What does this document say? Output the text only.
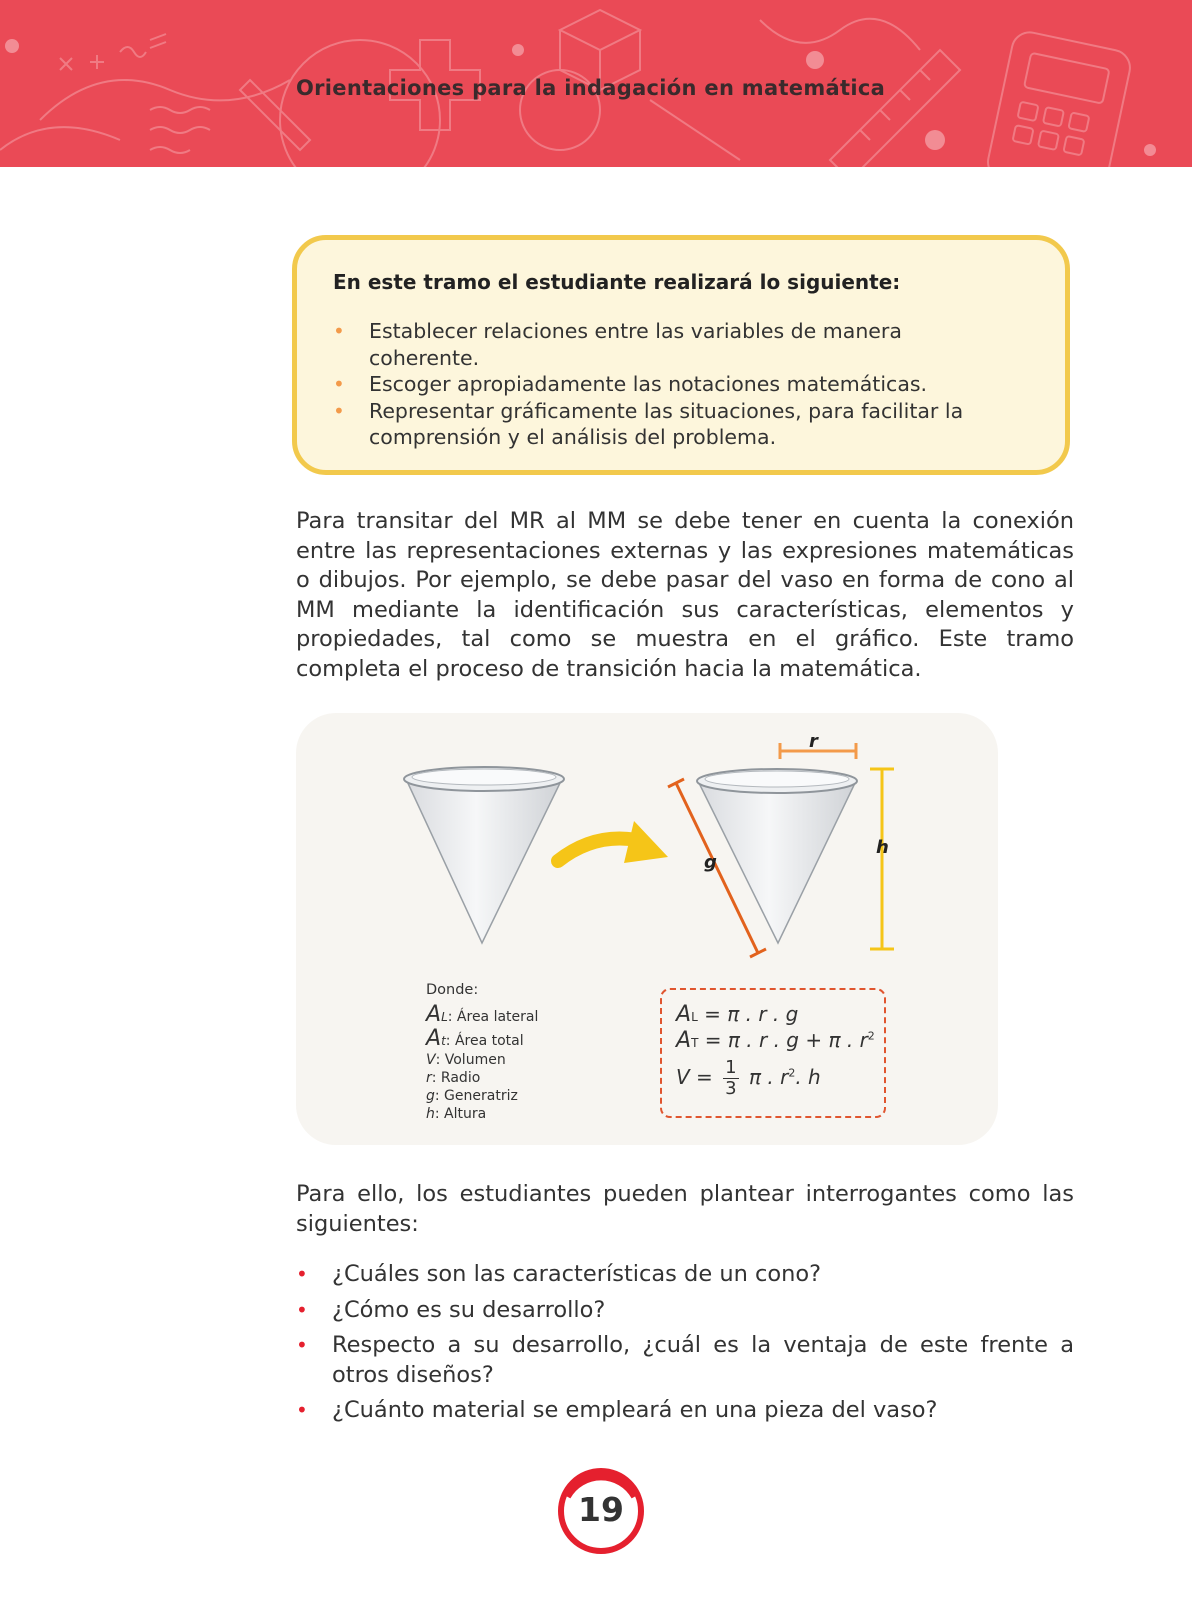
Orientaciones para la indagación en matemática

En este tramo el estudiante realizará lo siguiente:

• Establecer relaciones entre las variables de manera coherente.
• Escoger apropiadamente las notaciones matemáticas.
• Representar gráficamente las situaciones, para facilitar la comprensión y el análisis del problema.

Para transitar del MR al MM se debe tener en cuenta la conexión entre las representaciones externas y las expresiones matemáticas o dibujos. Por ejemplo, se debe pasar del vaso en forma de cono al MM mediante la identificación sus características, elementos y propiedades, tal como se muestra en el gráfico. Este tramo completa el proceso de transición hacia la matemática.

r
h
g

Donde:

AL: Área lateral
At: Área total
V: Volumen
r: Radio
g: Generatriz
h: Altura
AL = π . r . g
AT = π . r . g + π . $r^2$
$V = \frac{1}{3}$ π . $r^2$. h

Para ello, los estudiantes pueden plantear interrogantes como las siguientes:

• ¿Cuáles son las características de un cono?
• ¿Cómo es su desarrollo?
• Respecto a su desarrollo, ¿cuál es la ventaja de este frente a otros diseños?
• ¿Cuánto material se empleará en una pieza del vaso?
19
